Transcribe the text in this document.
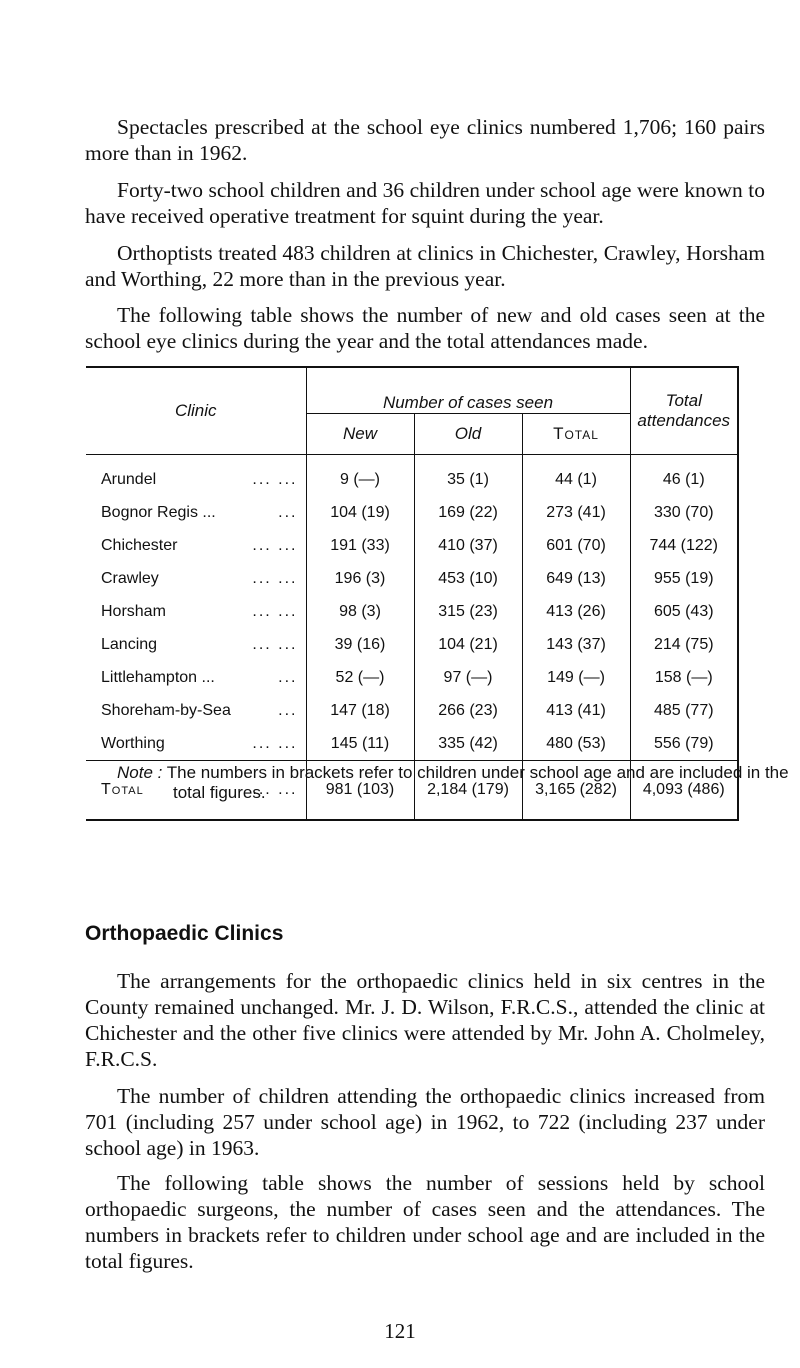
Spectacles prescribed at the school eye clinics numbered 1,706; 160 pairs more than in 1962.

Forty-two school children and 36 children under school age were known to have received operative treatment for squint during the year.

Orthoptists treated 483 children at clinics in Chichester, Crawley, Horsham and Worthing, 22 more than in the previous year.

The following table shows the number of new and old cases seen at the school eye clinics during the year and the total attendances made.

Clinic	Number of cases seen			Total attendances
	New	Old	Total	
Arundel ... ...	9 (—)	35 (1)	44 (1)	46 (1)
Bognor Regis ... ...	104 (19)	169 (22)	273 (41)	330 (70)
Chichester ... ...	191 (33)	410 (37)	601 (70)	744 (122)
Crawley ... ...	196 (3)	453 (10)	649 (13)	955 (19)
Horsham ... ...	98 (3)	315 (23)	413 (26)	605 (43)
Lancing ... ...	39 (16)	104 (21)	143 (37)	214 (75)
Littlehampton ... ...	52 (—)	97 (—)	149 (—)	158 (—)
Shoreham-by-Sea ...	147 (18)	266 (23)	413 (41)	485 (77)
Worthing ... ...	145 (11)	335 (42)	480 (53)	556 (79)
Total ... ...	981 (103)	2,184 (179)	3,165 (282)	4,093 (486)

Note : The numbers in brackets refer to children under school age and are included in the total figures.

Orthopaedic Clinics

The arrangements for the orthopaedic clinics held in six centres in the County remained unchanged. Mr. J. D. Wilson, F.R.C.S., attended the clinic at Chichester and the other five clinics were attended by Mr. John A. Cholmeley, F.R.C.S.

The number of children attending the orthopaedic clinics increased from 701 (including 257 under school age) in 1962, to 722 (including 237 under school age) in 1963.

The following table shows the number of sessions held by school orthopaedic surgeons, the number of cases seen and the attendances. The numbers in brackets refer to children under school age and are included in the total figures.

121
